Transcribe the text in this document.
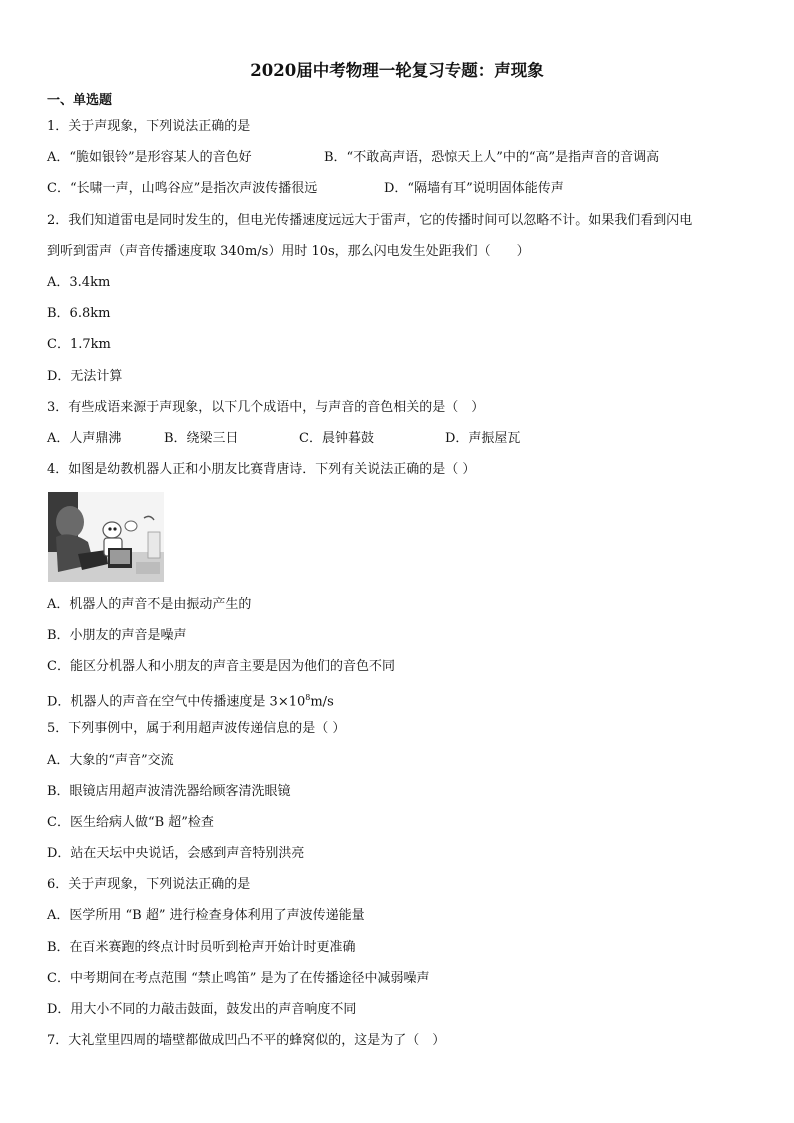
2020届中考物理一轮复习专题：声现象
一、单选题
1．关于声现象，下列说法正确的是
A．“脆如银铃”是形容某人的音色好	B．“不敢高声语，恐惊天上人”中的“高”是指声音的音调高
C．“长啸一声，山鸣谷应”是指次声波传播很远	D．“隔墙有耳”说明固体能传声
2．我们知道雷电是同时发生的，但电光传播速度远远大于雷声，它的传播时间可以忽略不计。如果我们看到闪电
到听到雷声（声音传播速度取 340m/s）用时 10s，那么闪电发生处距我们（　　）
A．3.4km
B．6.8km
C．1.7km
D．无法计算
3．有些成语来源于声现象，以下几个成语中，与声音的音色相关的是（　）
A．人声鼎沸	B．绕梁三日	C．晨钟暮鼓	D．声振屋瓦
4．如图是幼教机器人正和小朋友比赛背唐诗．下列有关说法正确的是（ ）
A．机器人的声音不是由振动产生的
B．小朋友的声音是噪声
C．能区分机器人和小朋友的声音主要是因为他们的音色不同
D．机器人的声音在空气中传播速度是 $3\times 10^8m/s$
5．下列事例中，属于利用超声波传递信息的是（ ）
A．大象的“声音”交流
B．眼镜店用超声波清洗器给顾客清洗眼镜
C．医生给病人做“B 超”检查
D．站在天坛中央说话，会感到声音特别洪亮
6．关于声现象，下列说法正确的是
A．医学所用 “B 超” 进行检查身体利用了声波传递能量
B．在百米赛跑的终点计时员听到枪声开始计时更准确
C．中考期间在考点范围 “禁止鸣笛” 是为了在传播途径中减弱噪声
D．用大小不同的力敲击鼓面，鼓发出的声音响度不同
7．大礼堂里四周的墙壁都做成凹凸不平的蜂窝似的，这是为了（　）
